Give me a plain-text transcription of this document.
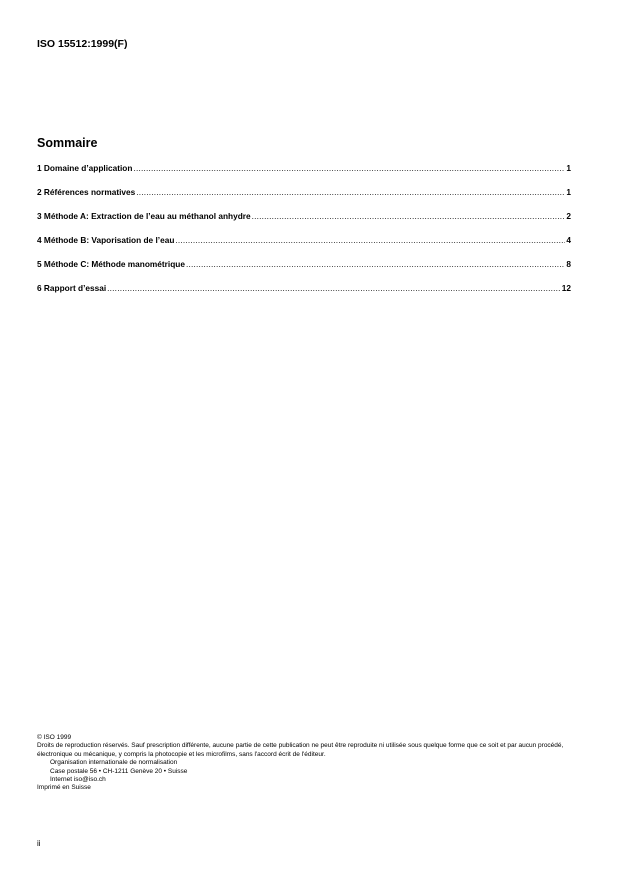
ISO 15512:1999(F)
Sommaire
1 Domaine d’application .....	1
2 Références normatives .....	1
3 Méthode A: Extraction de l’eau au méthanol anhydre .....	2
4 Méthode B: Vaporisation de l’eau .....	4
5 Méthode C: Méthode manométrique .....	8
6 Rapport d’essai .....	12

© ISO 1999

Droits de reproduction réservés. Sauf prescription différente, aucune partie de cette publication ne peut être reproduite ni utilisée sous quelque forme que ce soit et par aucun procédé, électronique ou mécanique, y compris la photocopie et les microfilms, sans l'accord écrit de l'éditeur.

Organisation internationale de normalisation

Case postale 56 • CH-1211 Genève 20 • Suisse

Internet iso@iso.ch

Imprimé en Suisse

ii
